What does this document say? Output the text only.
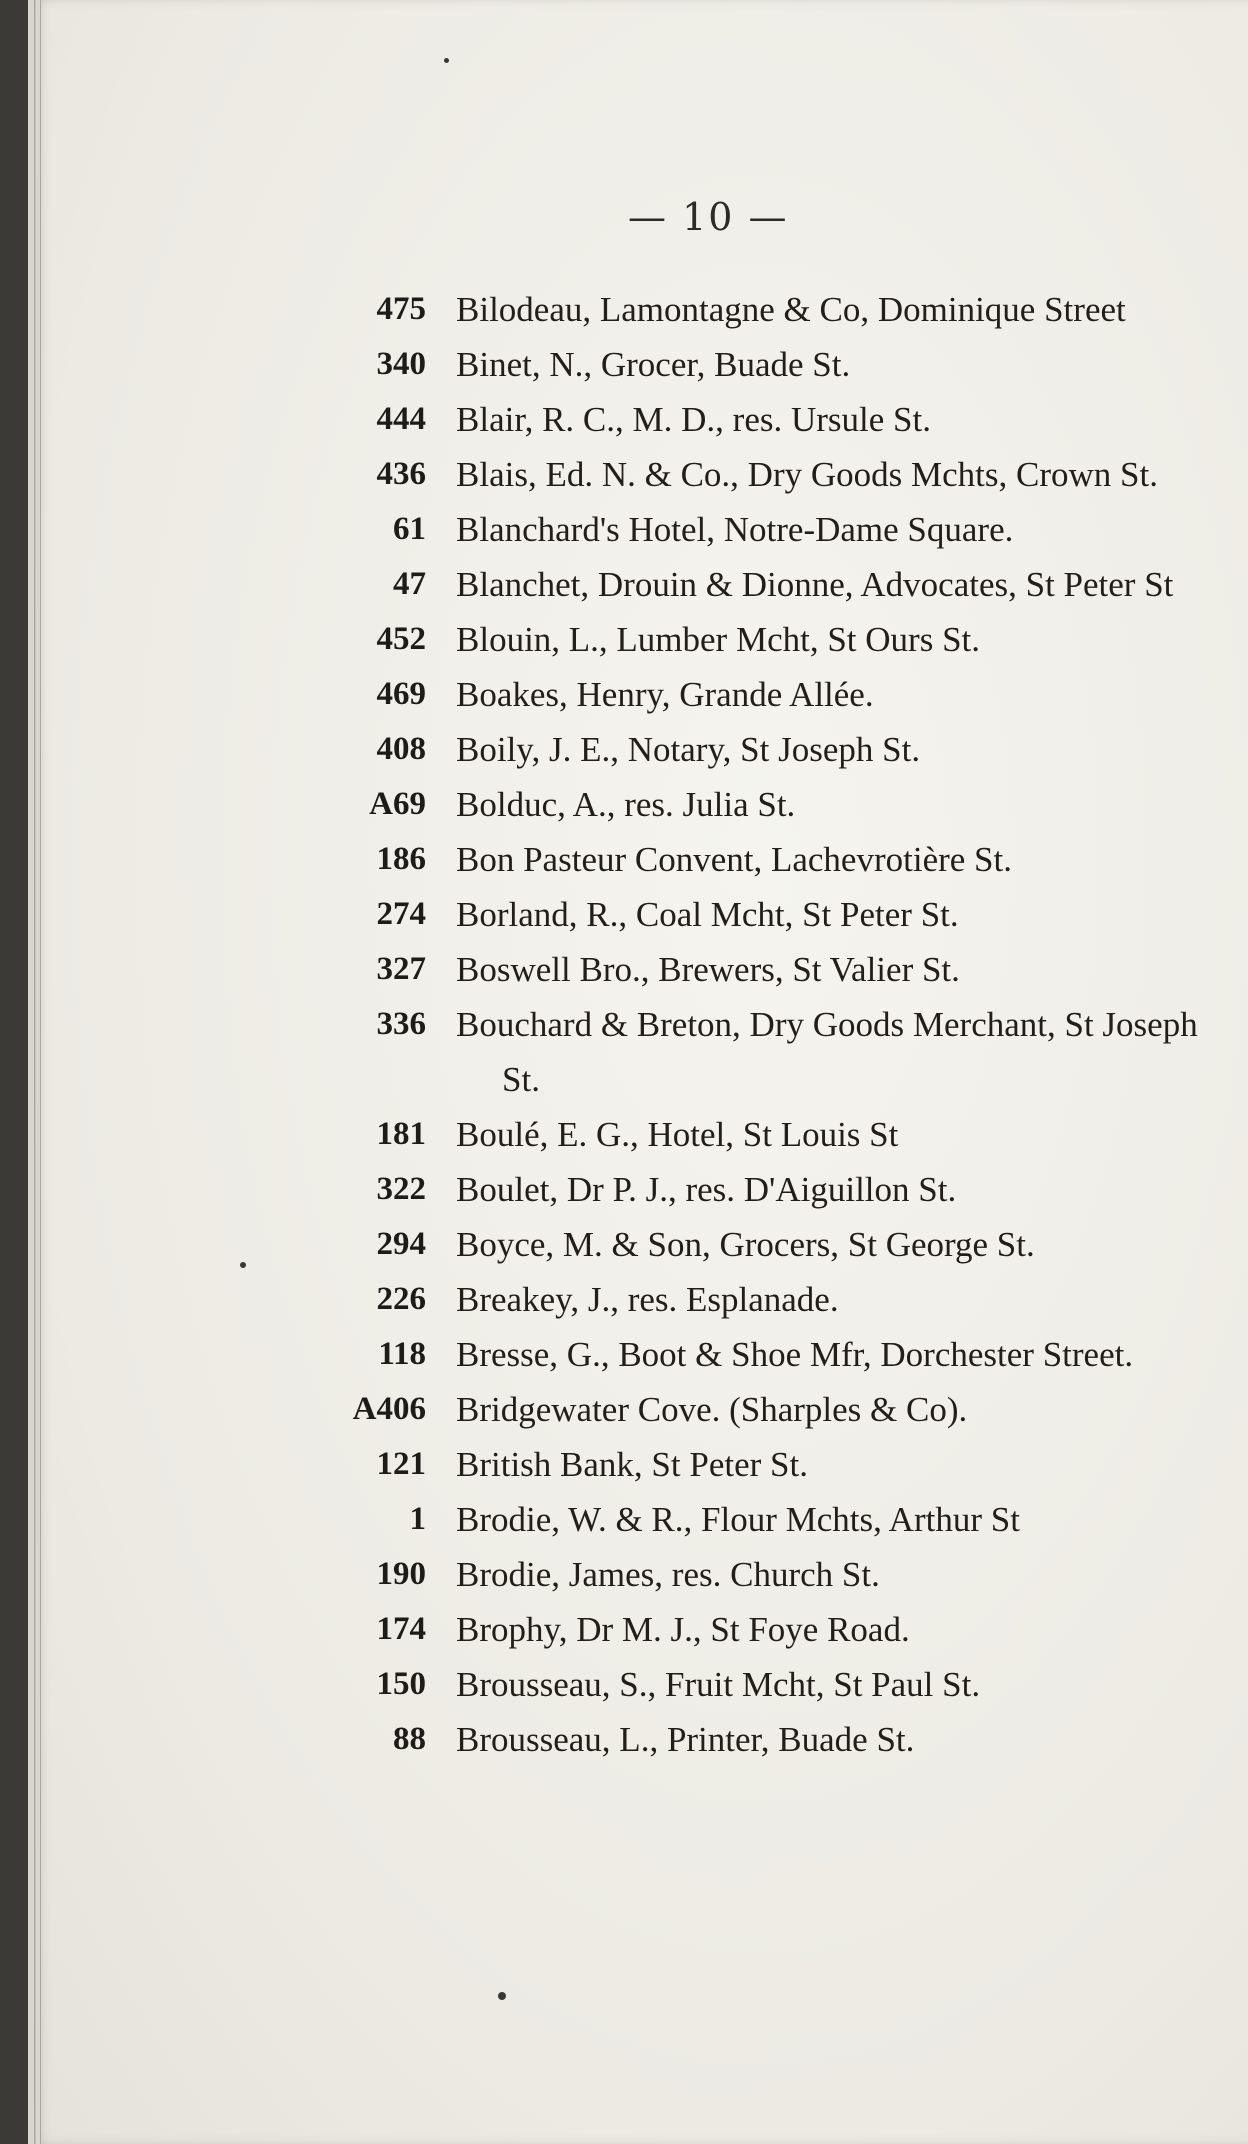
— 10 —
475 Bilodeau, Lamontagne & Co, Dominique Street
340 Binet, N., Grocer, Buade St.
444 Blair, R. C., M. D., res. Ursule St.
436 Blais, Ed. N. & Co., Dry Goods Mchts, Crown St.
61 Blanchard's Hotel, Notre-Dame Square.
47 Blanchet, Drouin & Dionne, Advocates, St Peter St
452 Blouin, L., Lumber Mcht, St Ours St.
469 Boakes, Henry, Grande Allée.
408 Boily, J. E., Notary, St Joseph St.
A69 Bolduc, A., res. Julia St.
186 Bon Pasteur Convent, Lachevrotière St.
274 Borland, R., Coal Mcht, St Peter St.
327 Boswell Bro., Brewers, St Valier St.
336 Bouchard & Breton, Dry Goods Merchant, St Joseph St.
181 Boulé, E. G., Hotel, St Louis St
322 Boulet, Dr P. J., res. D'Aiguillon St.
294 Boyce, M. & Son, Grocers, St George St.
226 Breakey, J., res. Esplanade.
118 Bresse, G., Boot & Shoe Mfr, Dorchester Street.
A406 Bridgewater Cove. (Sharples & Co).
121 British Bank, St Peter St.
1 Brodie, W. & R., Flour Mchts, Arthur St
190 Brodie, James, res. Church St.
174 Brophy, Dr M. J., St Foye Road.
150 Brousseau, S., Fruit Mcht, St Paul St.
88 Brousseau, L., Printer, Buade St.
